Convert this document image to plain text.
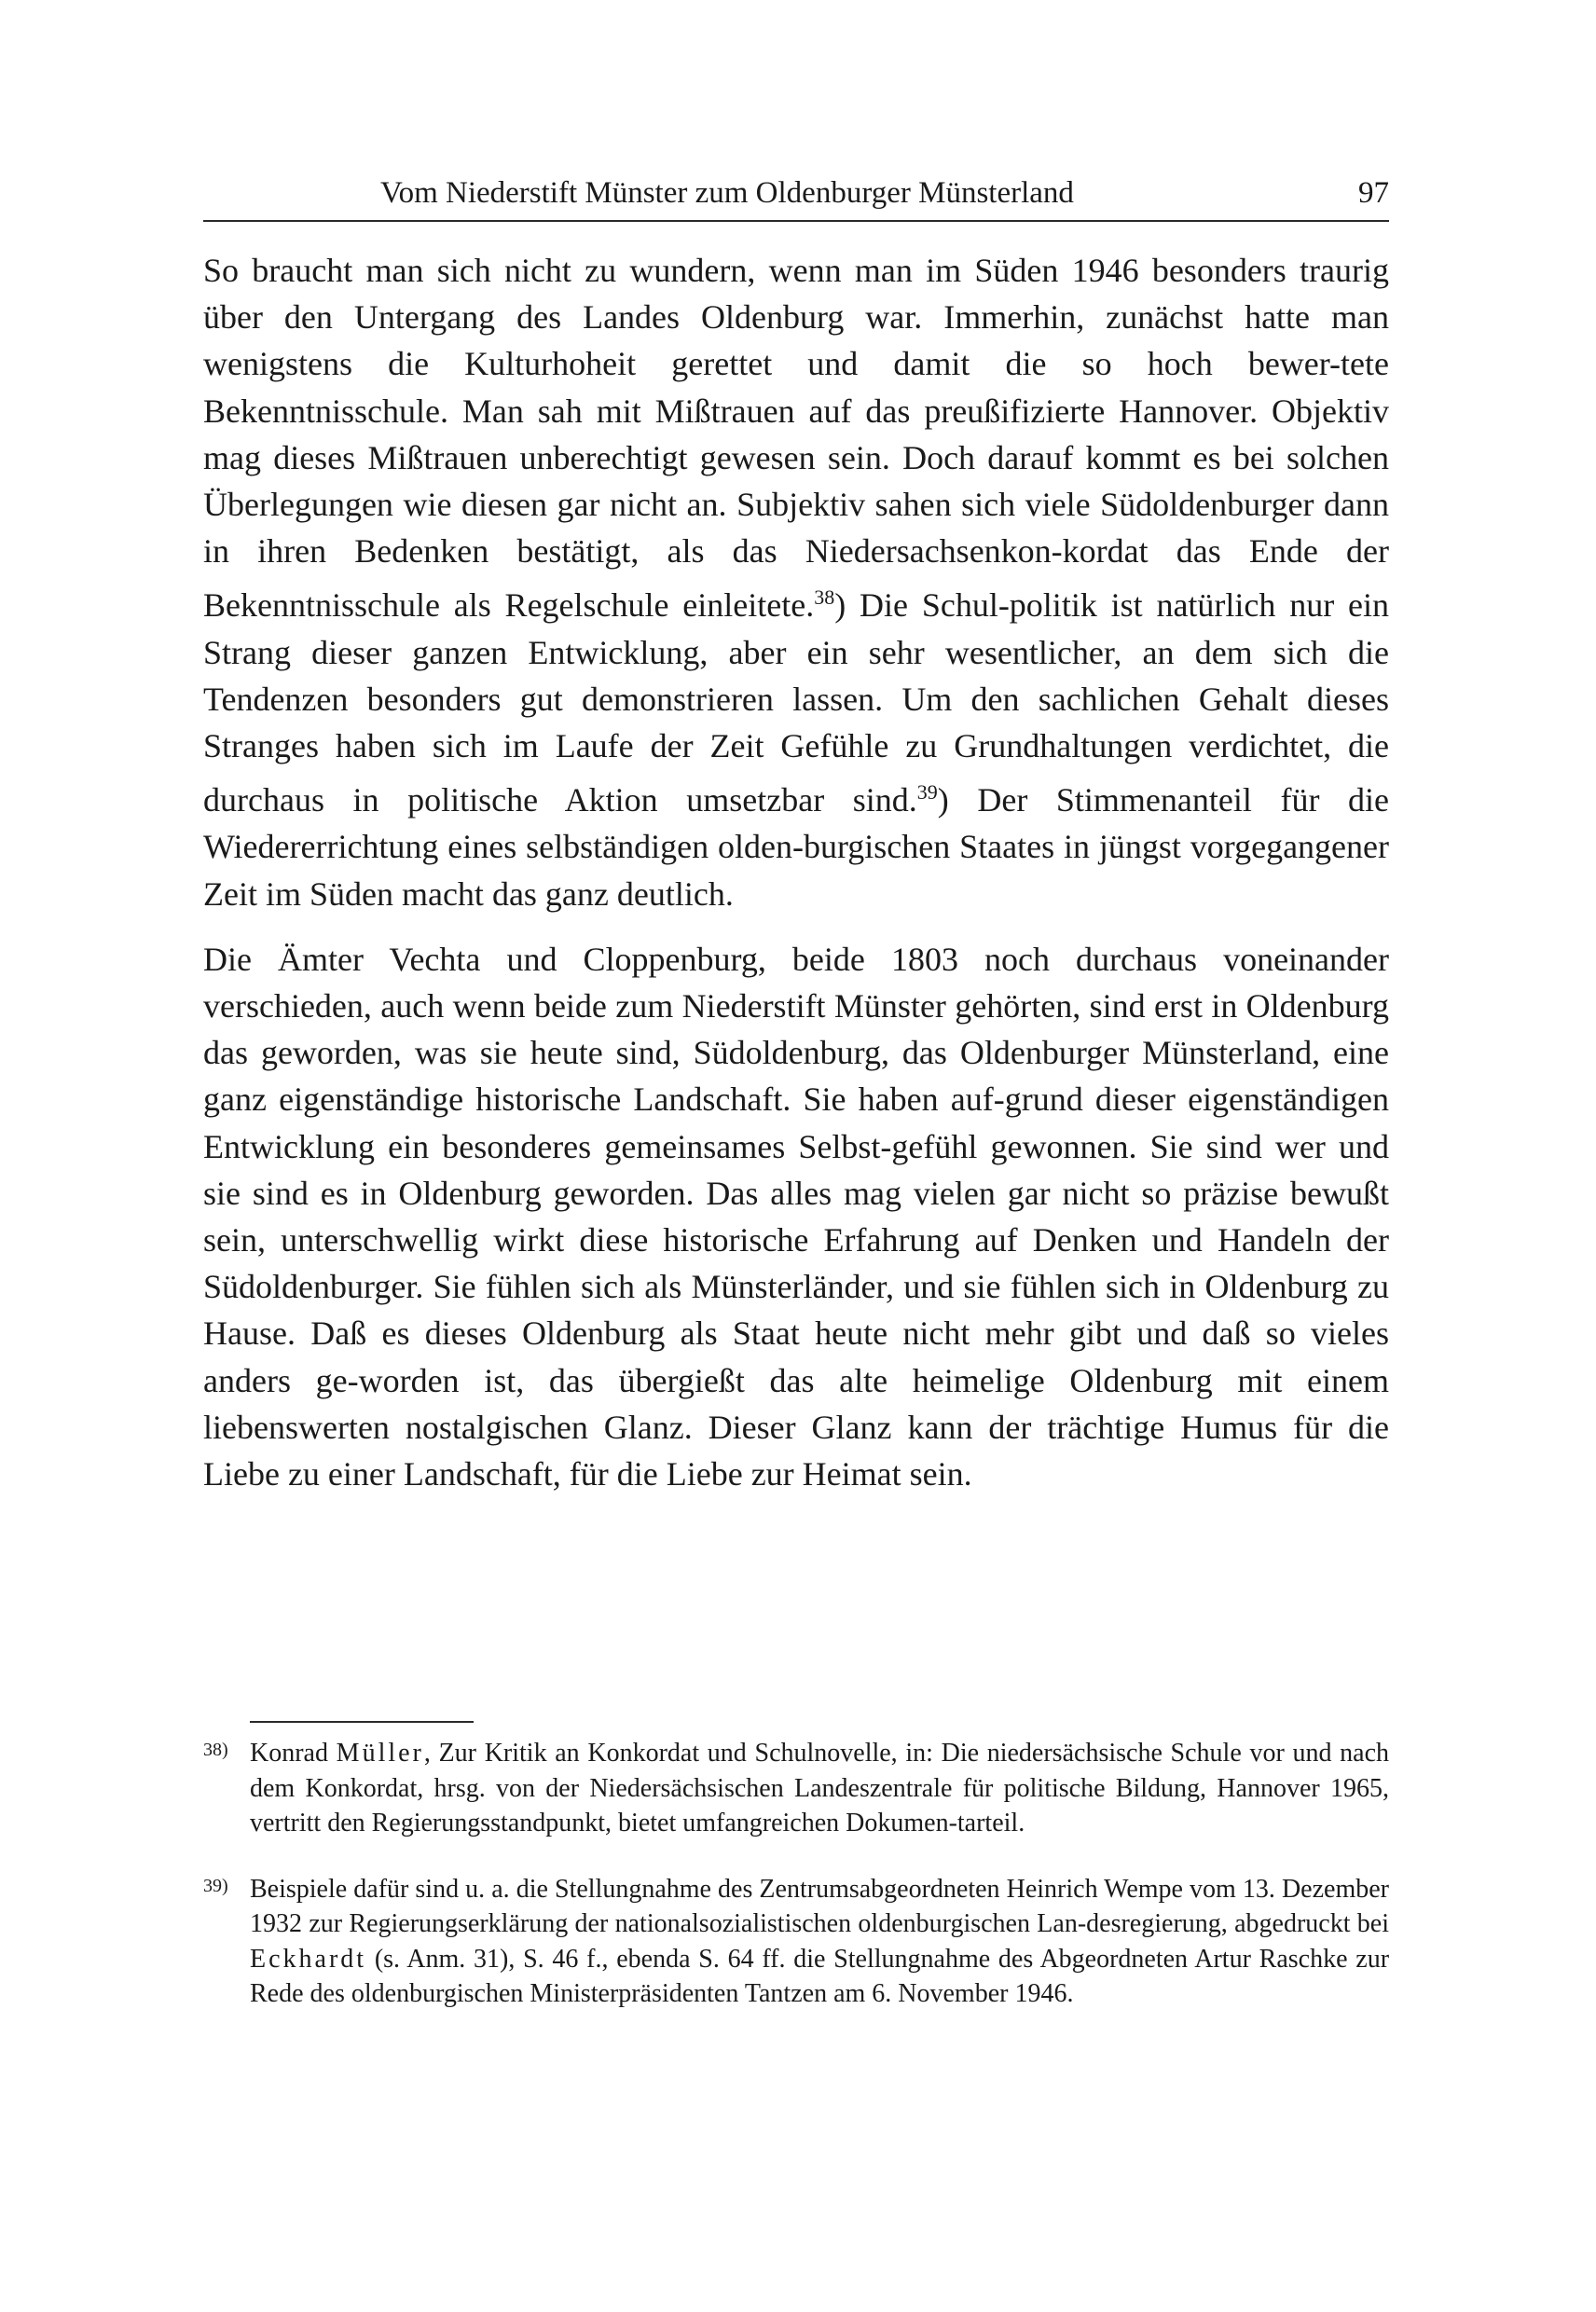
Vom Niederstift Münster zum Oldenburger Münsterland	97

So braucht man sich nicht zu wundern, wenn man im Süden 1946 besonders traurig über den Untergang des Landes Oldenburg war. Immerhin, zunächst hatte man wenigstens die Kulturhoheit gerettet und damit die so hoch bewer-tete Bekenntnisschule. Man sah mit Mißtrauen auf das preußifizierte Hannover. Objektiv mag dieses Mißtrauen unberechtigt gewesen sein. Doch darauf kommt es bei solchen Überlegungen wie diesen gar nicht an. Subjektiv sahen sich viele Südoldenburger dann in ihren Bedenken bestätigt, als das Niedersachsenkon-kordat das Ende der Bekenntnisschule als Regelschule einleitete.$^{38}$) Die Schul-politik ist natürlich nur ein Strang dieser ganzen Entwicklung, aber ein sehr wesentlicher, an dem sich die Tendenzen besonders gut demonstrieren lassen. Um den sachlichen Gehalt dieses Stranges haben sich im Laufe der Zeit Gefühle zu Grundhaltungen verdichtet, die durchaus in politische Aktion umsetzbar sind.$^{39}$) Der Stimmenanteil für die Wiedererrichtung eines selbständigen olden-burgischen Staates in jüngst vorgegangener Zeit im Süden macht das ganz deutlich.

Die Ämter Vechta und Cloppenburg, beide 1803 noch durchaus voneinander verschieden, auch wenn beide zum Niederstift Münster gehörten, sind erst in Oldenburg das geworden, was sie heute sind, Südoldenburg, das Oldenburger Münsterland, eine ganz eigenständige historische Landschaft. Sie haben auf-grund dieser eigenständigen Entwicklung ein besonderes gemeinsames Selbst-gefühl gewonnen. Sie sind wer und sie sind es in Oldenburg geworden. Das alles mag vielen gar nicht so präzise bewußt sein, unterschwellig wirkt diese historische Erfahrung auf Denken und Handeln der Südoldenburger. Sie fühlen sich als Münsterländer, und sie fühlen sich in Oldenburg zu Hause. Daß es dieses Oldenburg als Staat heute nicht mehr gibt und daß so vieles anders ge-worden ist, das übergießt das alte heimelige Oldenburg mit einem liebenswerten nostalgischen Glanz. Dieser Glanz kann der trächtige Humus für die Liebe zu einer Landschaft, für die Liebe zur Heimat sein.

38) Konrad Müller, Zur Kritik an Konkordat und Schulnovelle, in: Die niedersächsische Schule vor und nach dem Konkordat, hrsg. von der Niedersächsischen Landeszentrale für politische Bildung, Hannover 1965, vertritt den Regierungsstandpunkt, bietet umfangreichen Dokumen-tarteil.
39) Beispiele dafür sind u. a. die Stellungnahme des Zentrumsabgeordneten Heinrich Wempe vom 13. Dezember 1932 zur Regierungserklärung der nationalsozialistischen oldenburgischen Lan-desregierung, abgedruckt bei Eckhardt (s. Anm. 31), S. 46 f., ebenda S. 64 ff. die Stellungnahme des Abgeordneten Artur Raschke zur Rede des oldenburgischen Ministerpräsidenten Tantzen am 6. November 1946.
